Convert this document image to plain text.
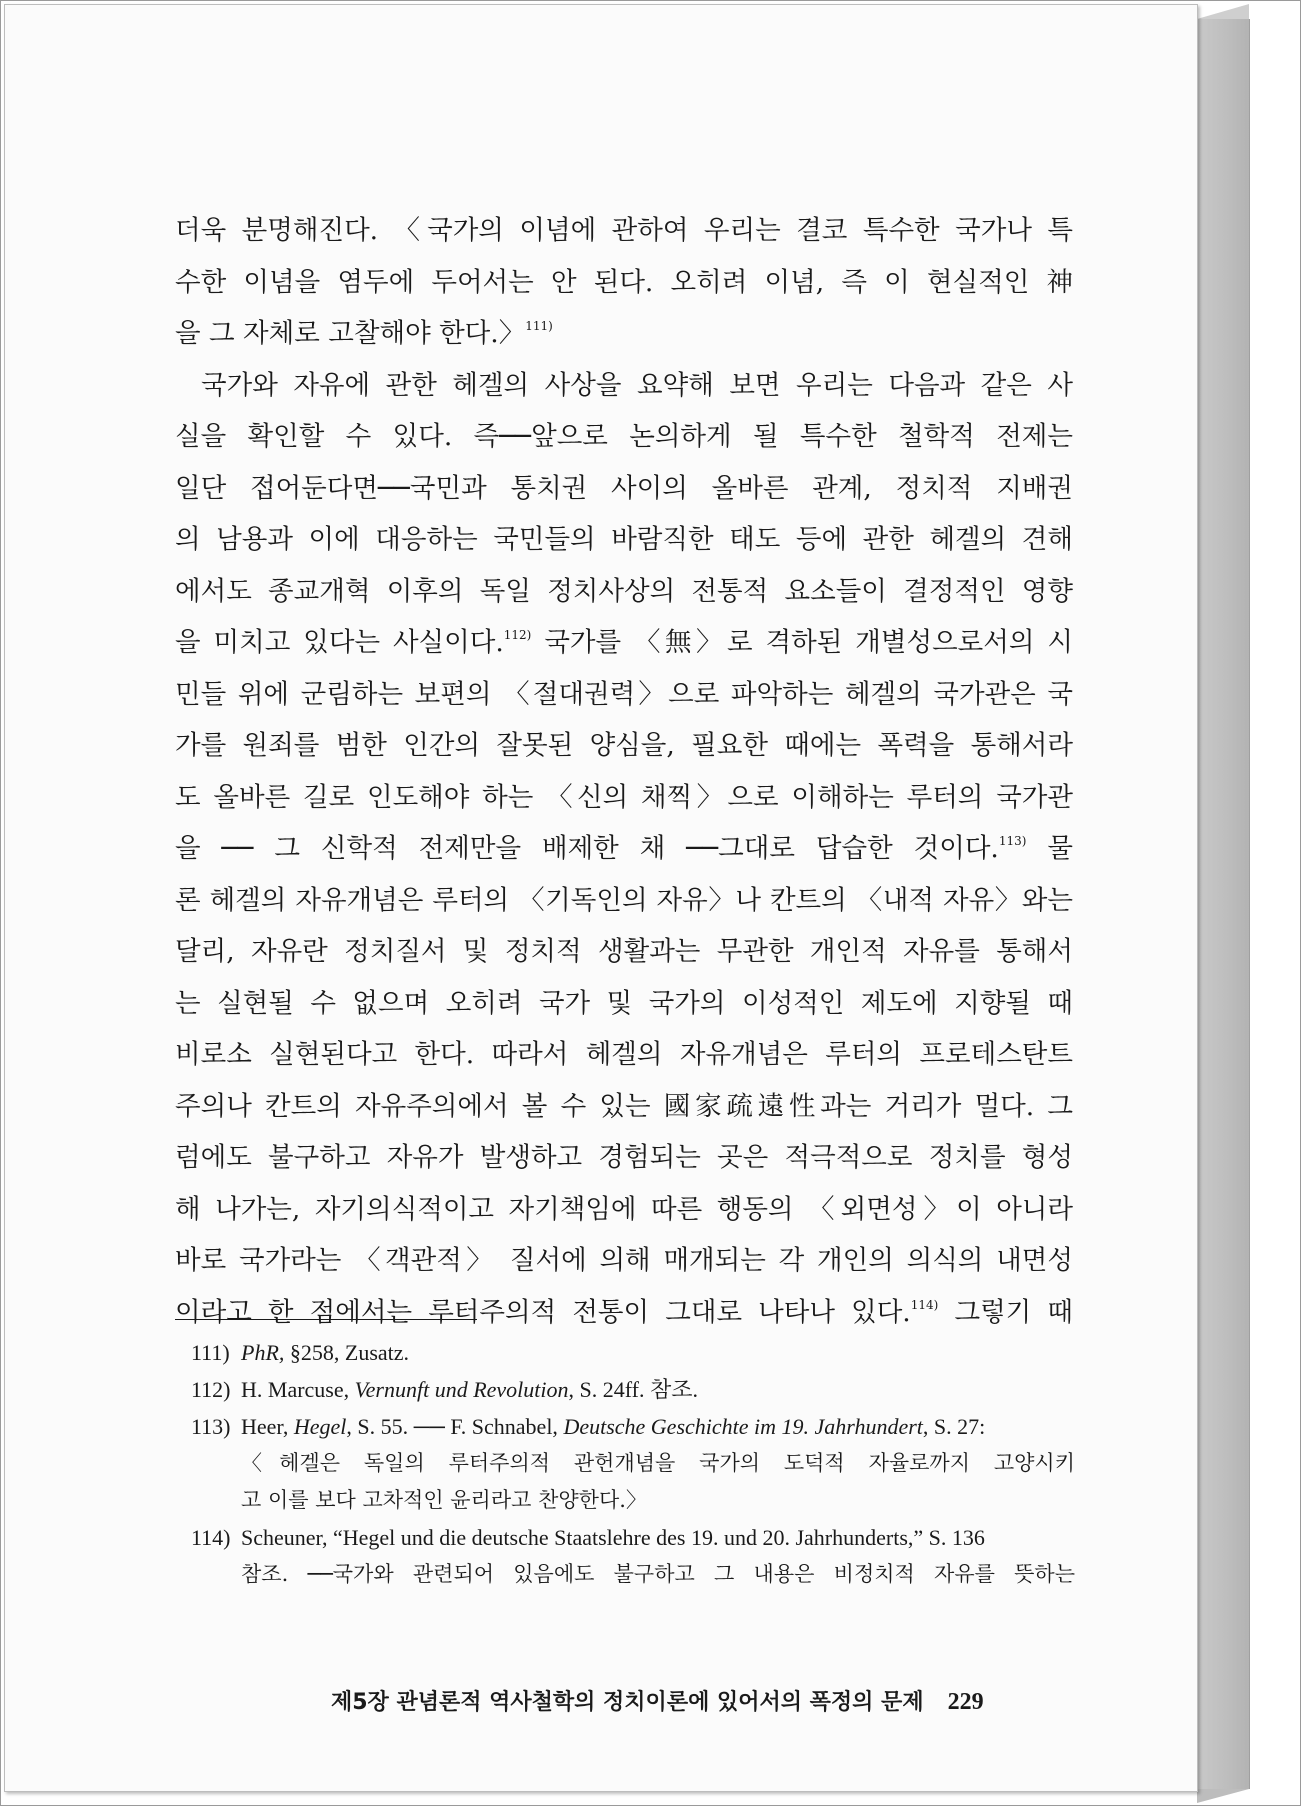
더욱 분명해진다. 〈국가의 이념에 관하여 우리는 결코 특수한 국가나 특
수한 이념을 염두에 두어서는 안 된다. 오히려 이념, 즉 이 현실적인 神
을 그 자체로 고찰해야 한다.〉$^{111)}$
국가와 자유에 관한 헤겔의 사상을 요약해 보면 우리는 다음과 같은 사
실을 확인할 수 있다. 즉──앞으로 논의하게 될 특수한 철학적 전제는
일단 접어둔다면──국민과 통치권 사이의 올바른 관계, 정치적 지배권
의 남용과 이에 대응하는 국민들의 바람직한 태도 등에 관한 헤겔의 견해
에서도 종교개혁 이후의 독일 정치사상의 전통적 요소들이 결정적인 영향
을 미치고 있다는 사실이다.$^{112)}$ 국가를 〈無〉로 격하된 개별성으로서의 시
민들 위에 군림하는 보편의 〈절대권력〉으로 파악하는 헤겔의 국가관은 국
가를 원죄를 범한 인간의 잘못된 양심을, 필요한 때에는 폭력을 통해서라
도 올바른 길로 인도해야 하는 〈신의 채찍〉으로 이해하는 루터의 국가관
을 ── 그 신학적 전제만을 배제한 채 ──그대로 답습한 것이다.$^{113)}$ 물
론 헤겔의 자유개념은 루터의 〈기독인의 자유〉나 칸트의 〈내적 자유〉와는
달리, 자유란 정치질서 및 정치적 생활과는 무관한 개인적 자유를 통해서
는 실현될 수 없으며 오히려 국가 및 국가의 이성적인 제도에 지향될 때
비로소 실현된다고 한다. 따라서 헤겔의 자유개념은 루터의 프로테스탄트
주의나 칸트의 자유주의에서 볼 수 있는 國家疏遠性과는 거리가 멀다. 그
럼에도 불구하고 자유가 발생하고 경험되는 곳은 적극적으로 정치를 형성
해 나가는, 자기의식적이고 자기책임에 따른 행동의 〈외면성〉이 아니라
바로 국가라는 〈객관적〉 질서에 의해 매개되는 각 개인의 의식의 내면성
이라고 한 점에서는 루터주의적 전통이 그대로 나타나 있다.$^{114)}$ 그렇기 때
111) PhR, §258, Zusatz.
112) H. Marcuse, Vernunft und Revolution, S. 24ff. 참조.
113) Heer, Hegel, S. 55. ── F. Schnabel, Deutsche Geschichte im 19. Jahrhundert, S. 27:
〈헤겔은 독일의 루터주의적 관헌개념을 국가의 도덕적 자율로까지 고양시키
고 이를 보다 고차적인 윤리라고 찬양한다.〉
114) Scheuner, “Hegel und die deutsche Staatslehre des 19. und 20. Jahrhunderts,” S. 136
참조. ──국가와 관련되어 있음에도 불구하고 그 내용은 비정치적 자유를 뜻하는
제5장 관념론적 역사철학의 정치이론에 있어서의 폭정의 문제 229
